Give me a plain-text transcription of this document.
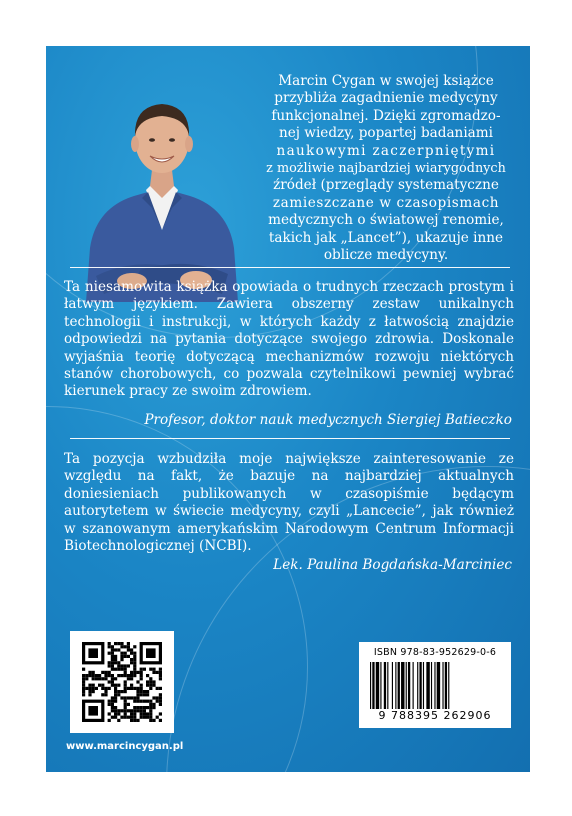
Marcin Cygan w swojej książce
przybliża zagadnienie medycyny
funkcjonalnej. Dzięki zgromadzo-
nej wiedzy, popartej badaniami
naukowymi zaczerpniętymi
z możliwie najbardziej wiarygodnych
źródeł (przeglądy systematyczne
zamieszczane w czasopismach
medycznych o światowej renomie,
takich jak „Lancet”), ukazuje inne
oblicze medycyny.

Ta niesamowita książka opowiada o trudnych rzeczach prostym i łatwym językiem. Zawiera obszerny zestaw unikalnych technologii i instrukcji, w których każdy z łatwością znajdzie odpowiedzi na pytania dotyczące swojego zdrowia. Doskonale wyjaśnia teorię dotyczącą mechanizmów rozwoju niektórych stanów chorobowych, co pozwala czytelnikowi pewniej wybrać kierunek pracy ze swoim zdrowiem.

Profesor, doktor nauk medycznych Siergiej Batieczko

Ta pozycja wzbudziła moje największe zainteresowanie ze względu na fakt, że bazuje na najbardziej aktualnych doniesieniach publikowanych w czasopiśmie będącym autorytetem w świecie medycyny, czyli „Lancecie”, jak również w szanowanym amerykańskim Narodowym Centrum Informacji Biotechnologicznej (NCBI).

Lek. Paulina Bogdańska-Marciniec

www.marcincygan.pl
ISBN 978-83-952629-0-6
9 788395 262906
